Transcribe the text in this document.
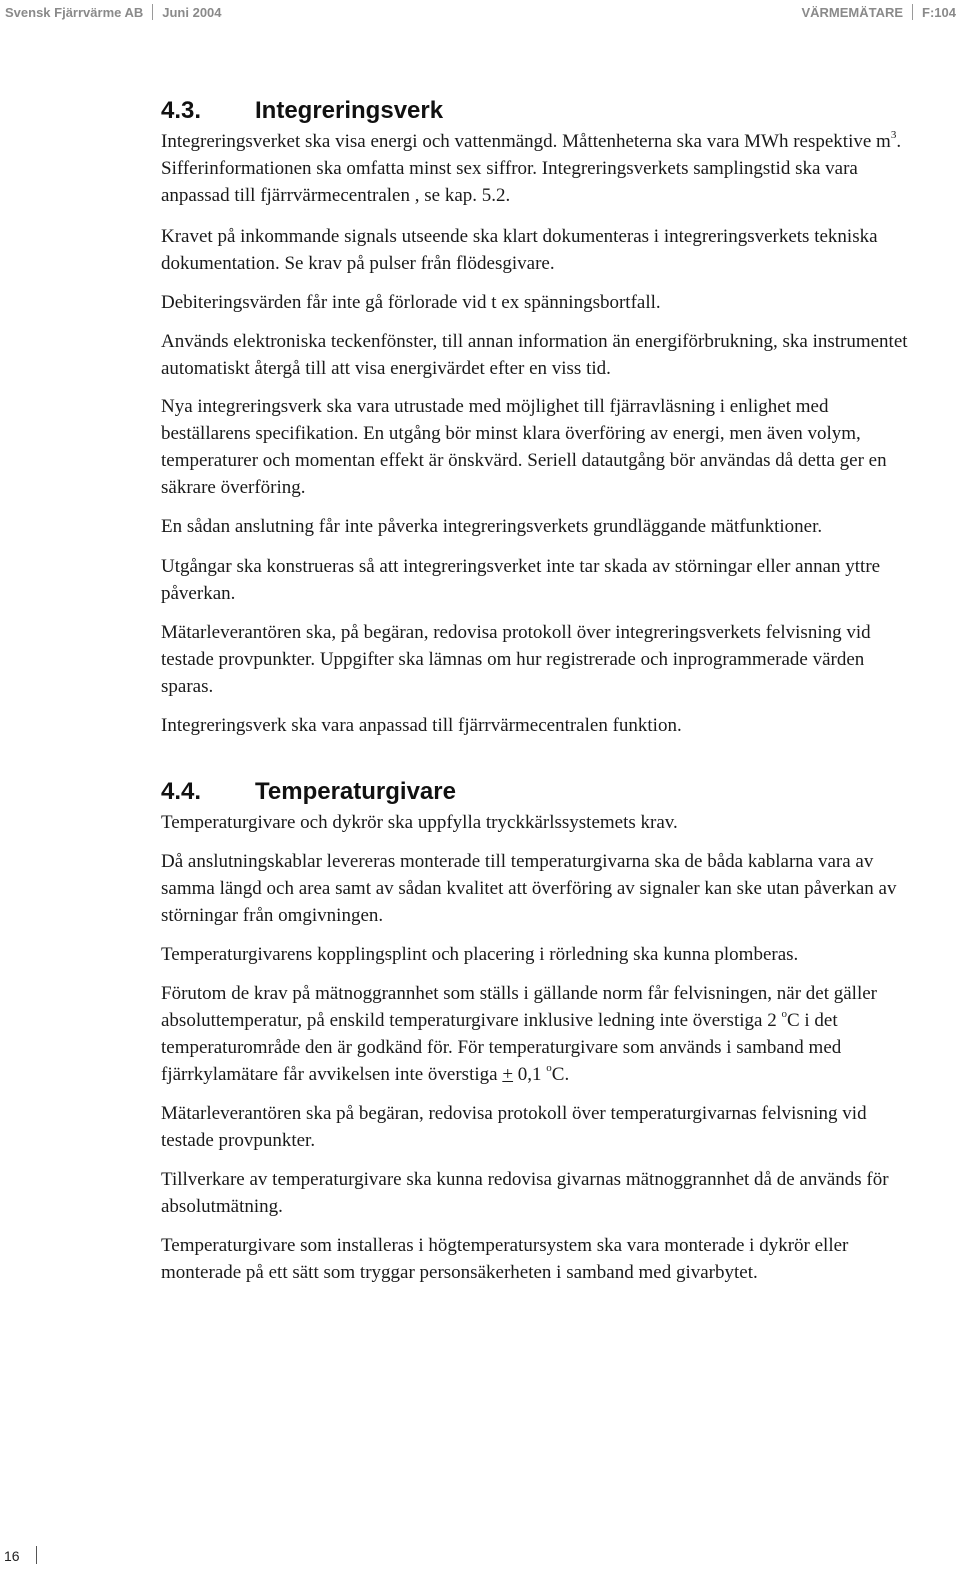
Svensk Fjärrvärme AB Juni 2004	VÄRMEMÄTARE F:104
4.3. Integreringsverk

Integreringsverket ska visa energi och vattenmängd. Måttenheterna ska vara MWh respektive $m^3$. Sifferinformationen ska omfatta minst sex siffror. Integreringsverkets samplingstid ska vara anpassad till fjärrvärmecentralen , se kap. 5.2.

Kravet på inkommande signals utseende ska klart dokumenteras i integreringsverkets tekniska dokumentation. Se krav på pulser från flödesgivare.

Debiteringsvärden får inte gå förlorade vid t ex spänningsbortfall.

Används elektroniska teckenfönster, till annan information än energiförbrukning, ska instrumentet automatiskt återgå till att visa energivärdet efter en viss tid.

Nya integreringsverk ska vara utrustade med möjlighet till fjärravläsning i enlighet med beställarens specifikation. En utgång bör minst klara överföring av energi, men även volym, temperaturer och momentan effekt är önskvärd. Seriell datautgång bör användas då detta ger en säkrare överföring.

En sådan anslutning får inte påverka integreringsverkets grundläggande mätfunktioner.

Utgångar ska konstrueras så att integreringsverket inte tar skada av störningar eller annan yttre påverkan.

Mätarleverantören ska, på begäran, redovisa protokoll över integreringsverkets felvisning vid testade provpunkter. Uppgifter ska lämnas om hur registrerade och inprogrammerade värden sparas.

Integreringsverk ska vara anpassad till fjärrvärmecentralen funktion.

4.4. Temperaturgivare

Temperaturgivare och dykrör ska uppfylla tryckkärlssystemets krav.

Då anslutningskablar levereras monterade till temperaturgivarna ska de båda kablarna vara av samma längd och area samt av sådan kvalitet att överföring av signaler kan ske utan påverkan av störningar från omgivningen.

Temperaturgivarens kopplingsplint och placering i rörledning ska kunna plomberas.

Förutom de krav på mätnoggrannhet som ställs i gällande norm får felvisningen, när det gäller absoluttemperatur, på enskild temperaturgivare inklusive ledning inte överstiga 2 $^o$C i det temperaturområde den är godkänd för. För temperaturgivare som används i samband med fjärrkylamätare får avvikelsen inte överstiga + 0,1 $^o$C.

Mätarleverantören ska på begäran, redovisa protokoll över temperaturgivarnas felvisning vid testade provpunkter.

Tillverkare av temperaturgivare ska kunna redovisa givarnas mätnoggrannhet då de används för absolutmätning.

Temperaturgivare som installeras i högtemperatursystem ska vara monterade i dykrör eller monterade på ett sätt som tryggar personsäkerheten i samband med givarbytet.

16
